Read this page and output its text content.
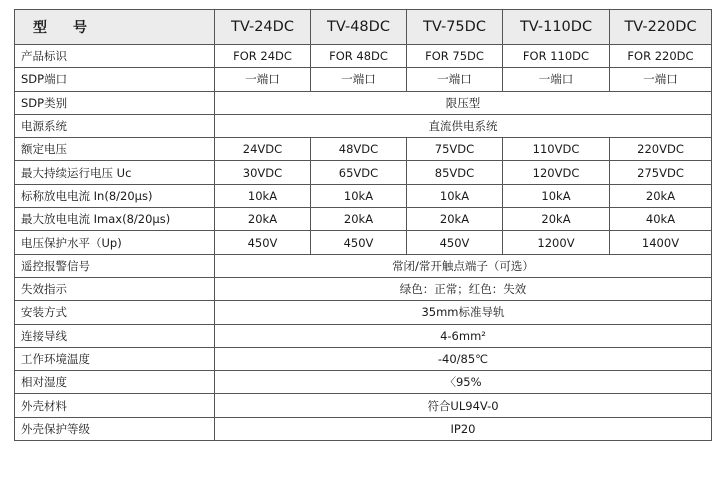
型　号	TV-24DC	TV-48DC	TV-75DC	TV-110DC	TV-220DC
产品标识	FOR 24DC	FOR 48DC	FOR 75DC	FOR 110DC	FOR 220DC
SDP端口	一端口	一端口	一端口	一端口	一端口
SDP类别	限压型				
电源系统	直流供电系统				
额定电压	24VDC	48VDC	75VDC	110VDC	220VDC
最大持续运行电压 Uc	30VDC	65VDC	85VDC	120VDC	275VDC
标称放电电流 In(8/20μs)	10kA	10kA	10kA	10kA	20kA
最大放电电流 Imax(8/20μs)	20kA	20kA	20kA	20kA	40kA
电压保护水平（Up)	450V	450V	450V	1200V	1400V
遥控报警信号	常闭/常开触点端子（可选）				
失效指示	绿色：正常；红色：失效				
安装方式	35mm标准导轨				
连接导线	4-6mm²				
工作环境温度	-40/85℃				
相对湿度	〈95%				
外壳材料	符合UL94V-0				
外壳保护等级	IP20				
